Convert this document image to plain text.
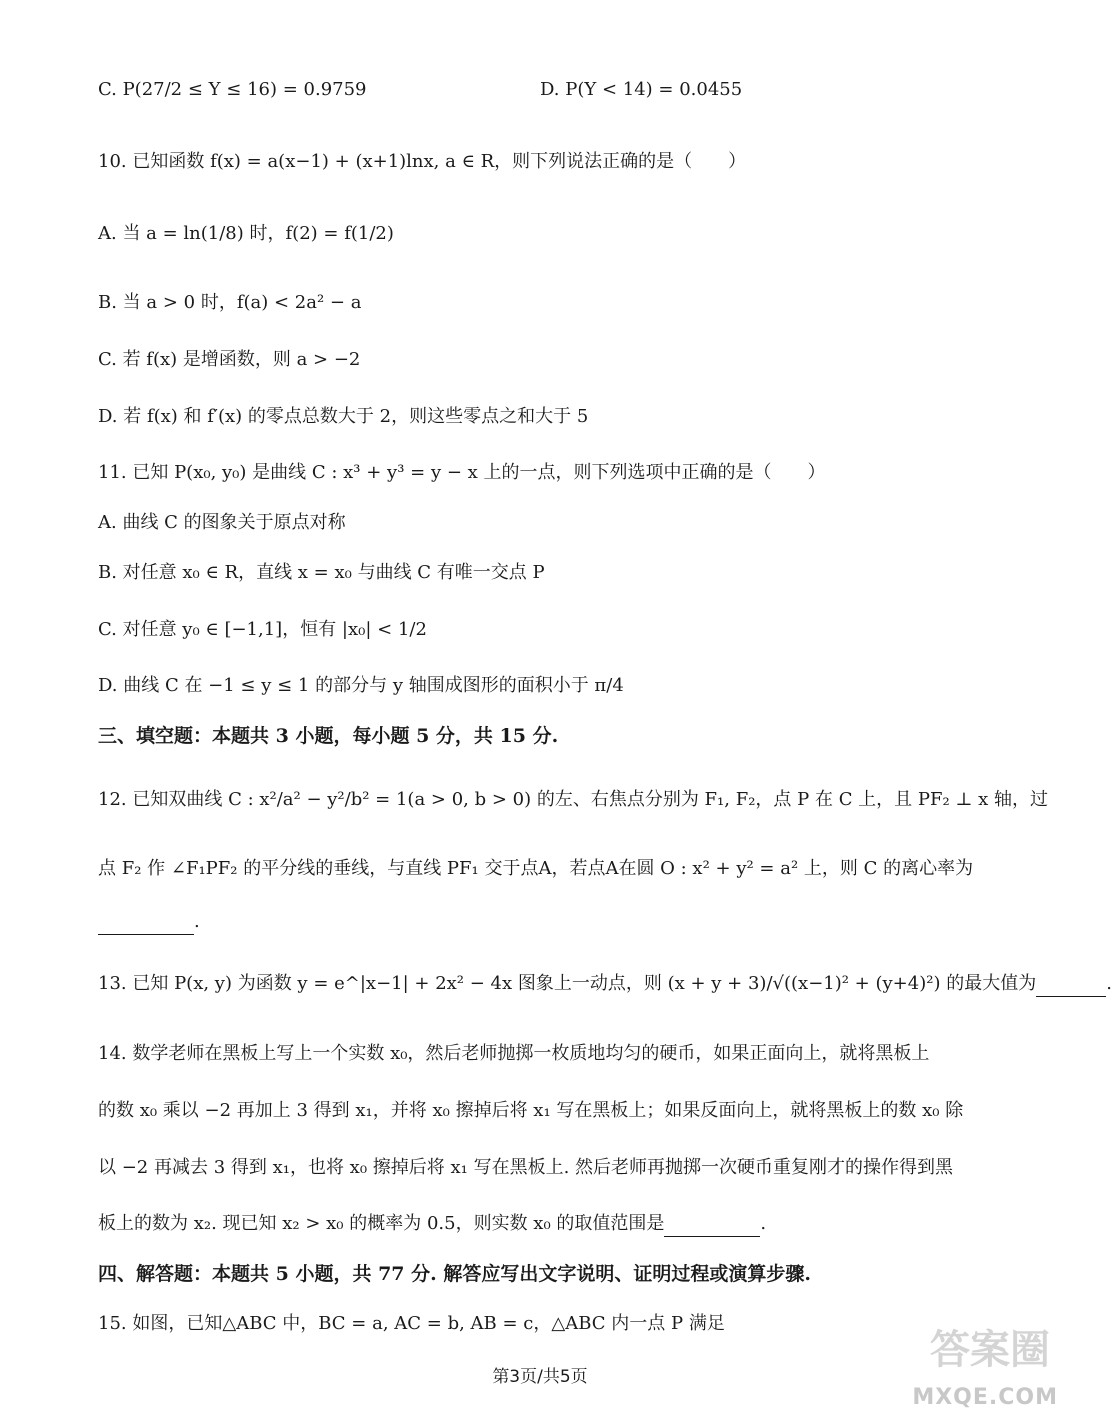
C. P(27/2 ≤ Y ≤ 16) = 0.9759	D. P(Y < 14) = 0.0455
10. 已知函数 f(x) = a(x−1) + (x+1)lnx, a ∈ R，则下列说法正确的是（　　）
A. 当 a = ln(1/8) 时，f(2) = f(1/2)
B. 当 a > 0 时，f(a) < 2a² − a
C. 若 f(x) 是增函数，则 a > −2
D. 若 f(x) 和 f′(x) 的零点总数大于 2，则这些零点之和大于 5
11. 已知 P(x₀, y₀) 是曲线 C : x³ + y³ = y − x 上的一点，则下列选项中正确的是（　　）
A. 曲线 C 的图象关于原点对称
B. 对任意 x₀ ∈ R，直线 x = x₀ 与曲线 C 有唯一交点 P
C. 对任意 y₀ ∈ [−1,1]，恒有 |x₀| < 1/2
D. 曲线 C 在 −1 ≤ y ≤ 1 的部分与 y 轴围成图形的面积小于 π/4
三、填空题：本题共 3 小题，每小题 5 分，共 15 分.
12. 已知双曲线 C : x²/a² − y²/b² = 1(a > 0, b > 0) 的左、右焦点分别为 F₁, F₂，点 P 在 C 上，且 PF₂ ⊥ x 轴，过
点 F₂ 作 ∠F₁PF₂ 的平分线的垂线，与直线 PF₁ 交于点A，若点A在圆 O : x² + y² = a² 上，则 C 的离心率为
.
13. 已知 P(x, y) 为函数 y = e^|x−1| + 2x² − 4x 图象上一动点，则 (x + y + 3)/√((x−1)² + (y+4)²) 的最大值为	.
14. 数学老师在黑板上写上一个实数 x₀，然后老师抛掷一枚质地均匀的硬币，如果正面向上，就将黑板上
的数 x₀ 乘以 −2 再加上 3 得到 x₁，并将 x₀ 擦掉后将 x₁ 写在黑板上；如果反面向上，就将黑板上的数 x₀ 除
以 −2 再减去 3 得到 x₁，也将 x₀ 擦掉后将 x₁ 写在黑板上. 然后老师再抛掷一次硬币重复刚才的操作得到黑
板上的数为 x₂. 现已知 x₂ > x₀ 的概率为 0.5，则实数 x₀ 的取值范围是	.
四、解答题：本题共 5 小题，共 77 分. 解答应写出文字说明、证明过程或演算步骤.
15. 如图，已知△ABC 中，BC = a, AC = b, AB = c，△ABC 内一点 P 满足
第3页/共5页
答案圈
MXQE.COM
